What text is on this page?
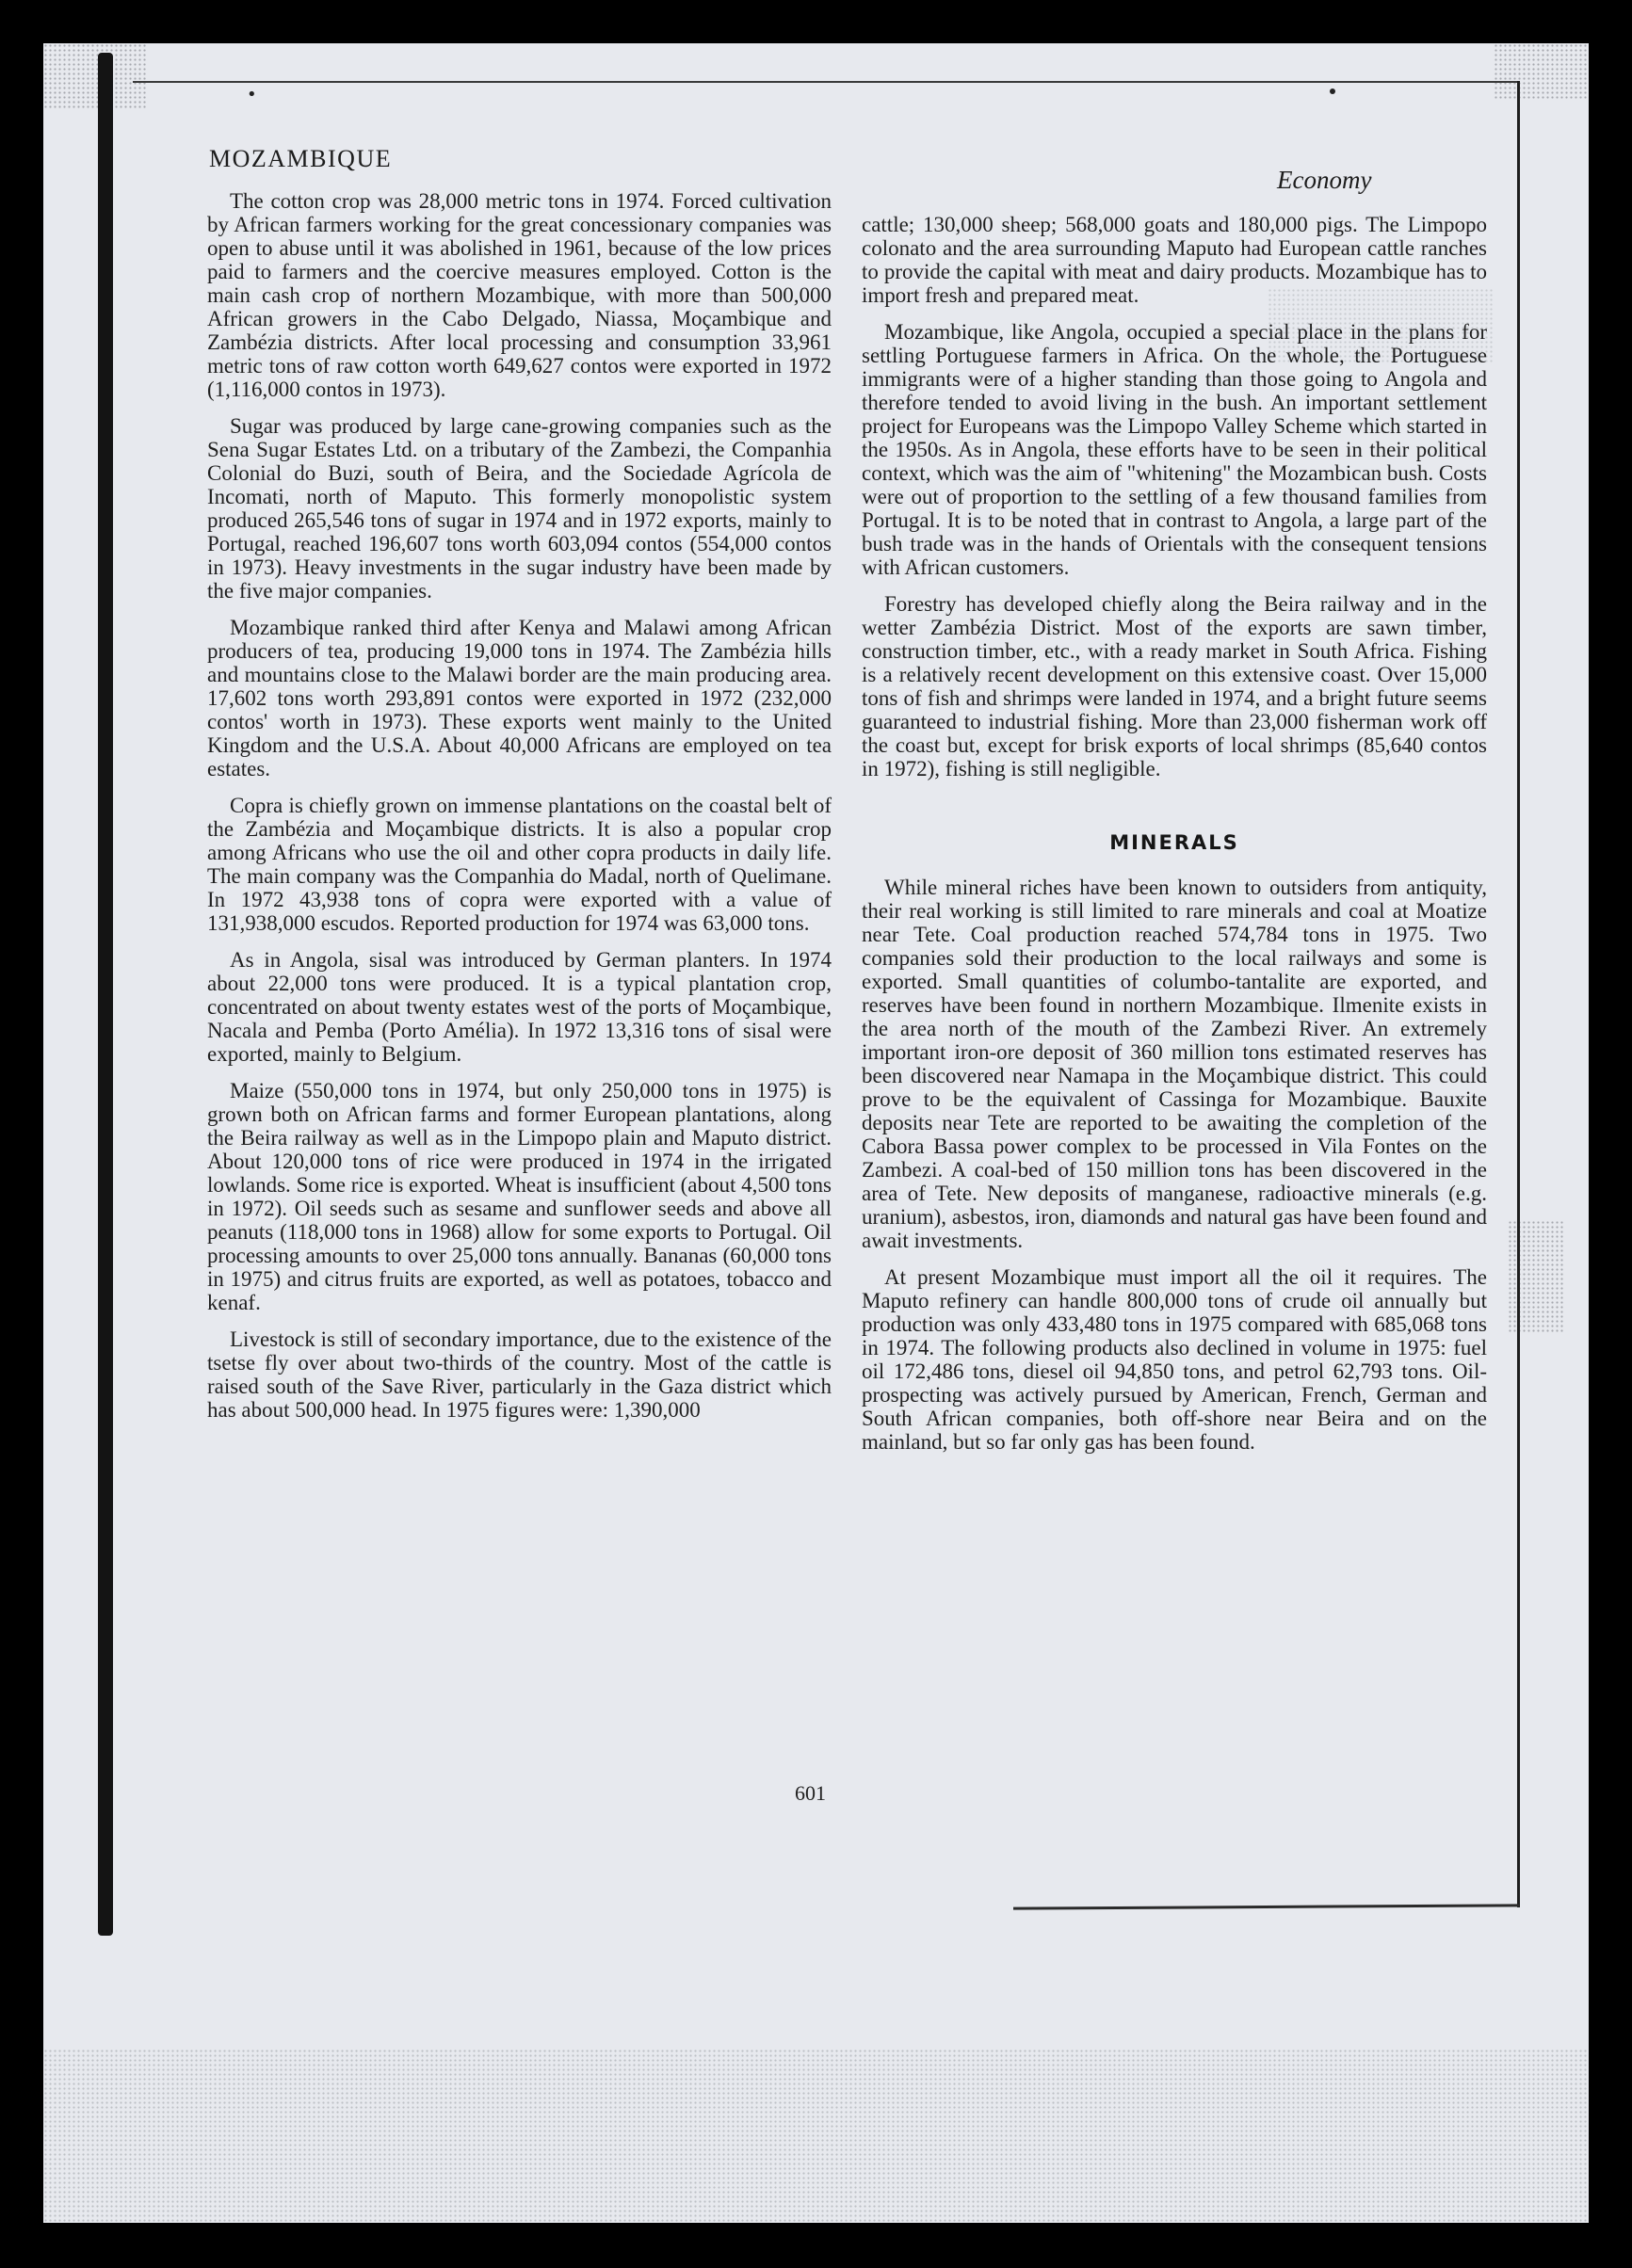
•
MOZAMBIQUE
Economy

The cotton crop was 28,000 metric tons in 1974. Forced cultivation by African farmers working for the great concessionary companies was open to abuse until it was abolished in 1961, because of the low prices paid to farmers and the coercive measures employed. Cotton is the main cash crop of northern Mozambique, with more than 500,000 African growers in the Cabo Delgado, Niassa, Moçambique and Zambézia districts. After local processing and consumption 33,961 metric tons of raw cotton worth 649,627 contos were exported in 1972 (1,116,000 contos in 1973).

Sugar was produced by large cane-growing companies such as the Sena Sugar Estates Ltd. on a tributary of the Zambezi, the Companhia Colonial do Buzi, south of Beira, and the Sociedade Agrícola de Incomati, north of Maputo. This formerly monopolistic system produced 265,546 tons of sugar in 1974 and in 1972 exports, mainly to Portugal, reached 196,607 tons worth 603,094 contos (554,000 contos in 1973). Heavy investments in the sugar industry have been made by the five major companies.

Mozambique ranked third after Kenya and Malawi among African producers of tea, producing 19,000 tons in 1974. The Zambézia hills and mountains close to the Malawi border are the main producing area. 17,602 tons worth 293,891 contos were exported in 1972 (232,000 contos' worth in 1973). These exports went mainly to the United Kingdom and the U.S.A. About 40,000 Africans are employed on tea estates.

Copra is chiefly grown on immense plantations on the coastal belt of the Zambézia and Moçambique districts. It is also a popular crop among Africans who use the oil and other copra products in daily life. The main company was the Companhia do Madal, north of Quelimane. In 1972 43,938 tons of copra were exported with a value of 131,938,000 escudos. Reported production for 1974 was 63,000 tons.

As in Angola, sisal was introduced by German planters. In 1974 about 22,000 tons were produced. It is a typical plantation crop, concentrated on about twenty estates west of the ports of Moçambique, Nacala and Pemba (Porto Amélia). In 1972 13,316 tons of sisal were exported, mainly to Belgium.

Maize (550,000 tons in 1974, but only 250,000 tons in 1975) is grown both on African farms and former European plantations, along the Beira railway as well as in the Limpopo plain and Maputo district. About 120,000 tons of rice were produced in 1974 in the irrigated lowlands. Some rice is exported. Wheat is insufficient (about 4,500 tons in 1972). Oil seeds such as sesame and sunflower seeds and above all peanuts (118,000 tons in 1968) allow for some exports to Portugal. Oil processing amounts to over 25,000 tons annually. Bananas (60,000 tons in 1975) and citrus fruits are exported, as well as potatoes, tobacco and kenaf.

Livestock is still of secondary importance, due to the existence of the tsetse fly over about two-thirds of the country. Most of the cattle is raised south of the Save River, particularly in the Gaza district which has about 500,000 head. In 1975 figures were: 1,390,000

cattle; 130,000 sheep; 568,000 goats and 180,000 pigs. The Limpopo colonato and the area surrounding Maputo had European cattle ranches to provide the capital with meat and dairy products. Mozambique has to import fresh and prepared meat.

Mozambique, like Angola, occupied a special place in the plans for settling Portuguese farmers in Africa. On the whole, the Portuguese immigrants were of a higher standing than those going to Angola and therefore tended to avoid living in the bush. An important settlement project for Europeans was the Limpopo Valley Scheme which started in the 1950s. As in Angola, these efforts have to be seen in their political context, which was the aim of "whitening" the Mozambican bush. Costs were out of proportion to the settling of a few thousand families from Portugal. It is to be noted that in contrast to Angola, a large part of the bush trade was in the hands of Orientals with the consequent tensions with African customers.

Forestry has developed chiefly along the Beira railway and in the wetter Zambézia District. Most of the exports are sawn timber, construction timber, etc., with a ready market in South Africa. Fishing is a relatively recent development on this extensive coast. Over 15,000 tons of fish and shrimps were landed in 1974, and a bright future seems guaranteed to industrial fishing. More than 23,000 fisherman work off the coast but, except for brisk exports of local shrimps (85,640 contos in 1972), fishing is still negligible.

MINERALS

While mineral riches have been known to outsiders from antiquity, their real working is still limited to rare minerals and coal at Moatize near Tete. Coal production reached 574,784 tons in 1975. Two companies sold their production to the local railways and some is exported. Small quantities of columbo-tantalite are exported, and reserves have been found in northern Mozambique. Ilmenite exists in the area north of the mouth of the Zambezi River. An extremely important iron-ore deposit of 360 million tons estimated reserves has been discovered near Namapa in the Moçambique district. This could prove to be the equivalent of Cassinga for Mozambique. Bauxite deposits near Tete are reported to be awaiting the completion of the Cabora Bassa power complex to be processed in Vila Fontes on the Zambezi. A coal-bed of 150 million tons has been discovered in the area of Tete. New deposits of manganese, radioactive minerals (e.g. uranium), asbestos, iron, diamonds and natural gas have been found and await investments.

At present Mozambique must import all the oil it requires. The Maputo refinery can handle 800,000 tons of crude oil annually but production was only 433,480 tons in 1975 compared with 685,068 tons in 1974. The following products also declined in volume in 1975: fuel oil 172,486 tons, diesel oil 94,850 tons, and petrol 62,793 tons. Oil-prospecting was actively pursued by American, French, German and South African companies, both off-shore near Beira and on the mainland, but so far only gas has been found.

601
